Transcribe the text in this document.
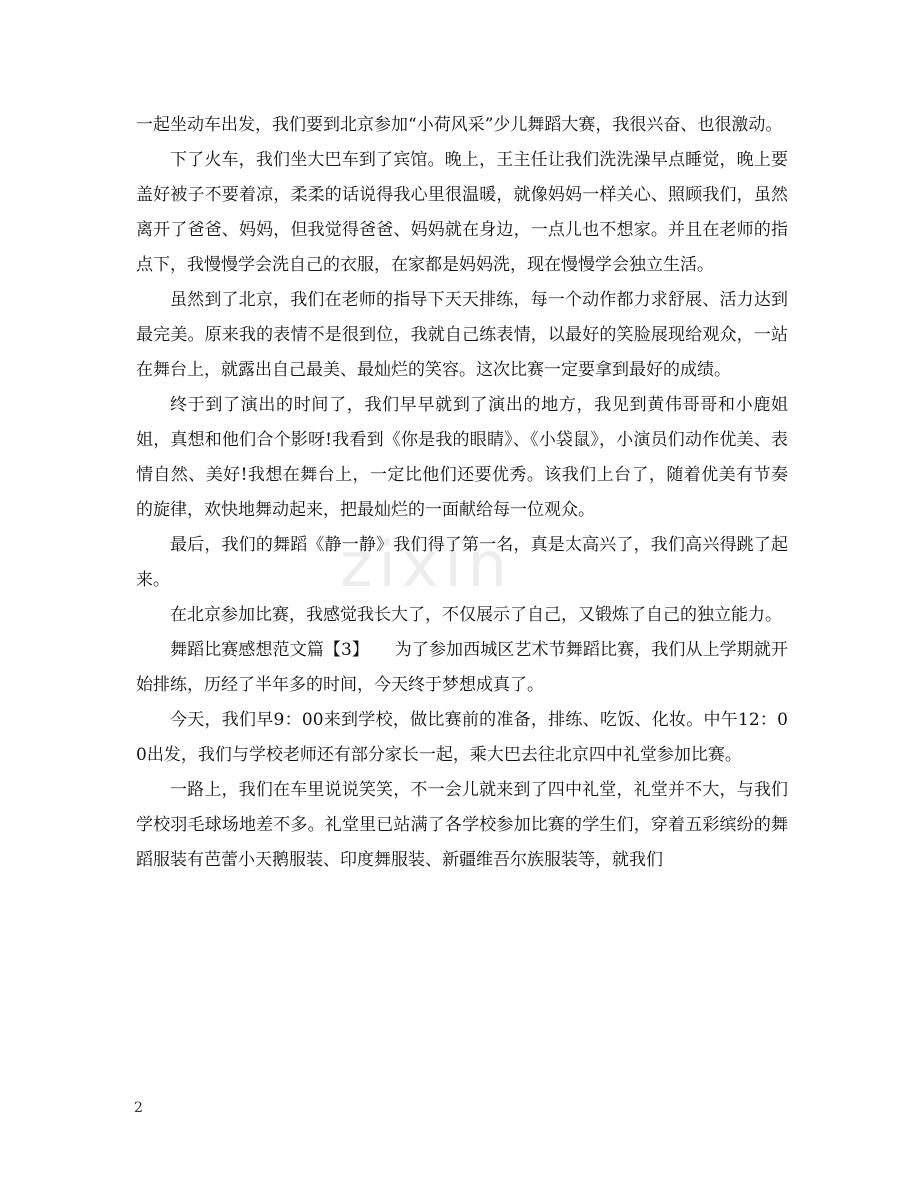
zixin

一起坐动车出发，我们要到北京参加“小荷风采”少儿舞蹈大赛，我很兴奋、也很激动。

下了火车，我们坐大巴车到了宾馆。晚上，王主任让我们洗洗澡早点睡觉，晚上要盖好被子不要着凉，柔柔的话说得我心里很温暖，就像妈妈一样关心、照顾我们，虽然离开了爸爸、妈妈，但我觉得爸爸、妈妈就在身边，一点儿也不想家。并且在老师的指点下，我慢慢学会洗自己的衣服，在家都是妈妈洗，现在慢慢学会独立生活。

虽然到了北京，我们在老师的指导下天天排练，每一个动作都力求舒展、活力达到最完美。原来我的表情不是很到位，我就自己练表情，以最好的笑脸展现给观众，一站在舞台上，就露出自己最美、最灿烂的笑容。这次比赛一定要拿到最好的成绩。

终于到了演出的时间了，我们早早就到了演出的地方，我见到黄伟哥哥和小鹿姐姐，真想和他们合个影呀!我看到《你是我的眼睛》、《小袋鼠》，小演员们动作优美、表情自然、美好!我想在舞台上，一定比他们还要优秀。该我们上台了，随着优美有节奏的旋律，欢快地舞动起来，把最灿烂的一面献给每一位观众。

最后，我们的舞蹈《静一静》我们得了第一名，真是太高兴了，我们高兴得跳了起来。

在北京参加比赛，我感觉我长大了，不仅展示了自己，又锻炼了自己的独立能力。

舞蹈比赛感想范文篇【3】　　为了参加西城区艺术节舞蹈比赛，我们从上学期就开始排练，历经了半年多的时间，今天终于梦想成真了。

今天，我们早9：00来到学校，做比赛前的准备，排练、吃饭、化妆。中午12：00出发，我们与学校老师还有部分家长一起，乘大巴去往北京四中礼堂参加比赛。

一路上，我们在车里说说笑笑，不一会儿就来到了四中礼堂，礼堂并不大，与我们学校羽毛球场地差不多。礼堂里已站满了各学校参加比赛的学生们，穿着五彩缤纷的舞蹈服装有芭蕾小天鹅服装、印度舞服装、新疆维吾尔族服装等，就我们

2
